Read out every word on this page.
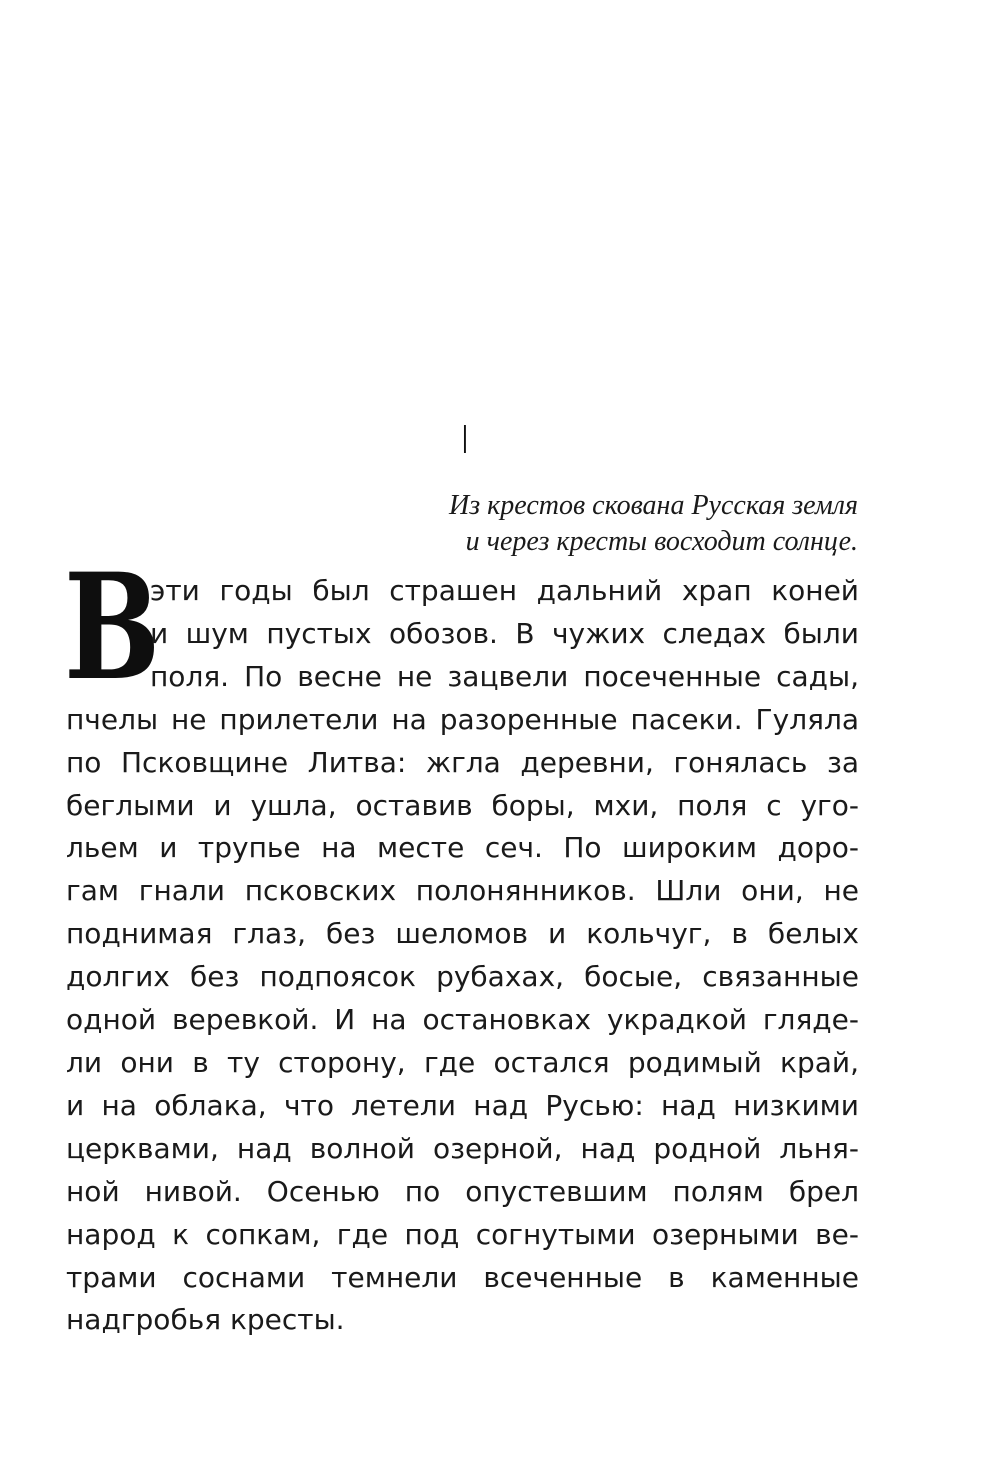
I
Из крестов скована Русская земля
и через кресты восходит солнце.
В
эти годы был страшен дальний храп коней
и шум пустых обозов. В чужих следах были
поля. По весне не зацвели посеченные сады,
пчелы не прилетели на разоренные пасеки. Гуляла
по Псковщине Литва: жгла деревни, гонялась за
беглыми и ушла, оставив боры, мхи, поля с уго-
льем и трупье на месте сеч. По широким доро-
гам гнали псковских полонянников. Шли они, не
поднимая глаз, без шеломов и кольчуг, в белых
долгих без подпоясок рубахах, босые, связанные
одной веревкой. И на остановках украдкой гляде-
ли они в ту сторону, где остался родимый край,
и на облака, что летели над Русью: над низкими
церквами, над волной озерной, над родной льня-
ной нивой. Осенью по опустевшим полям брел
народ к сопкам, где под согнутыми озерными ве-
трами соснами темнели всеченные в каменные
надгробья кресты.
